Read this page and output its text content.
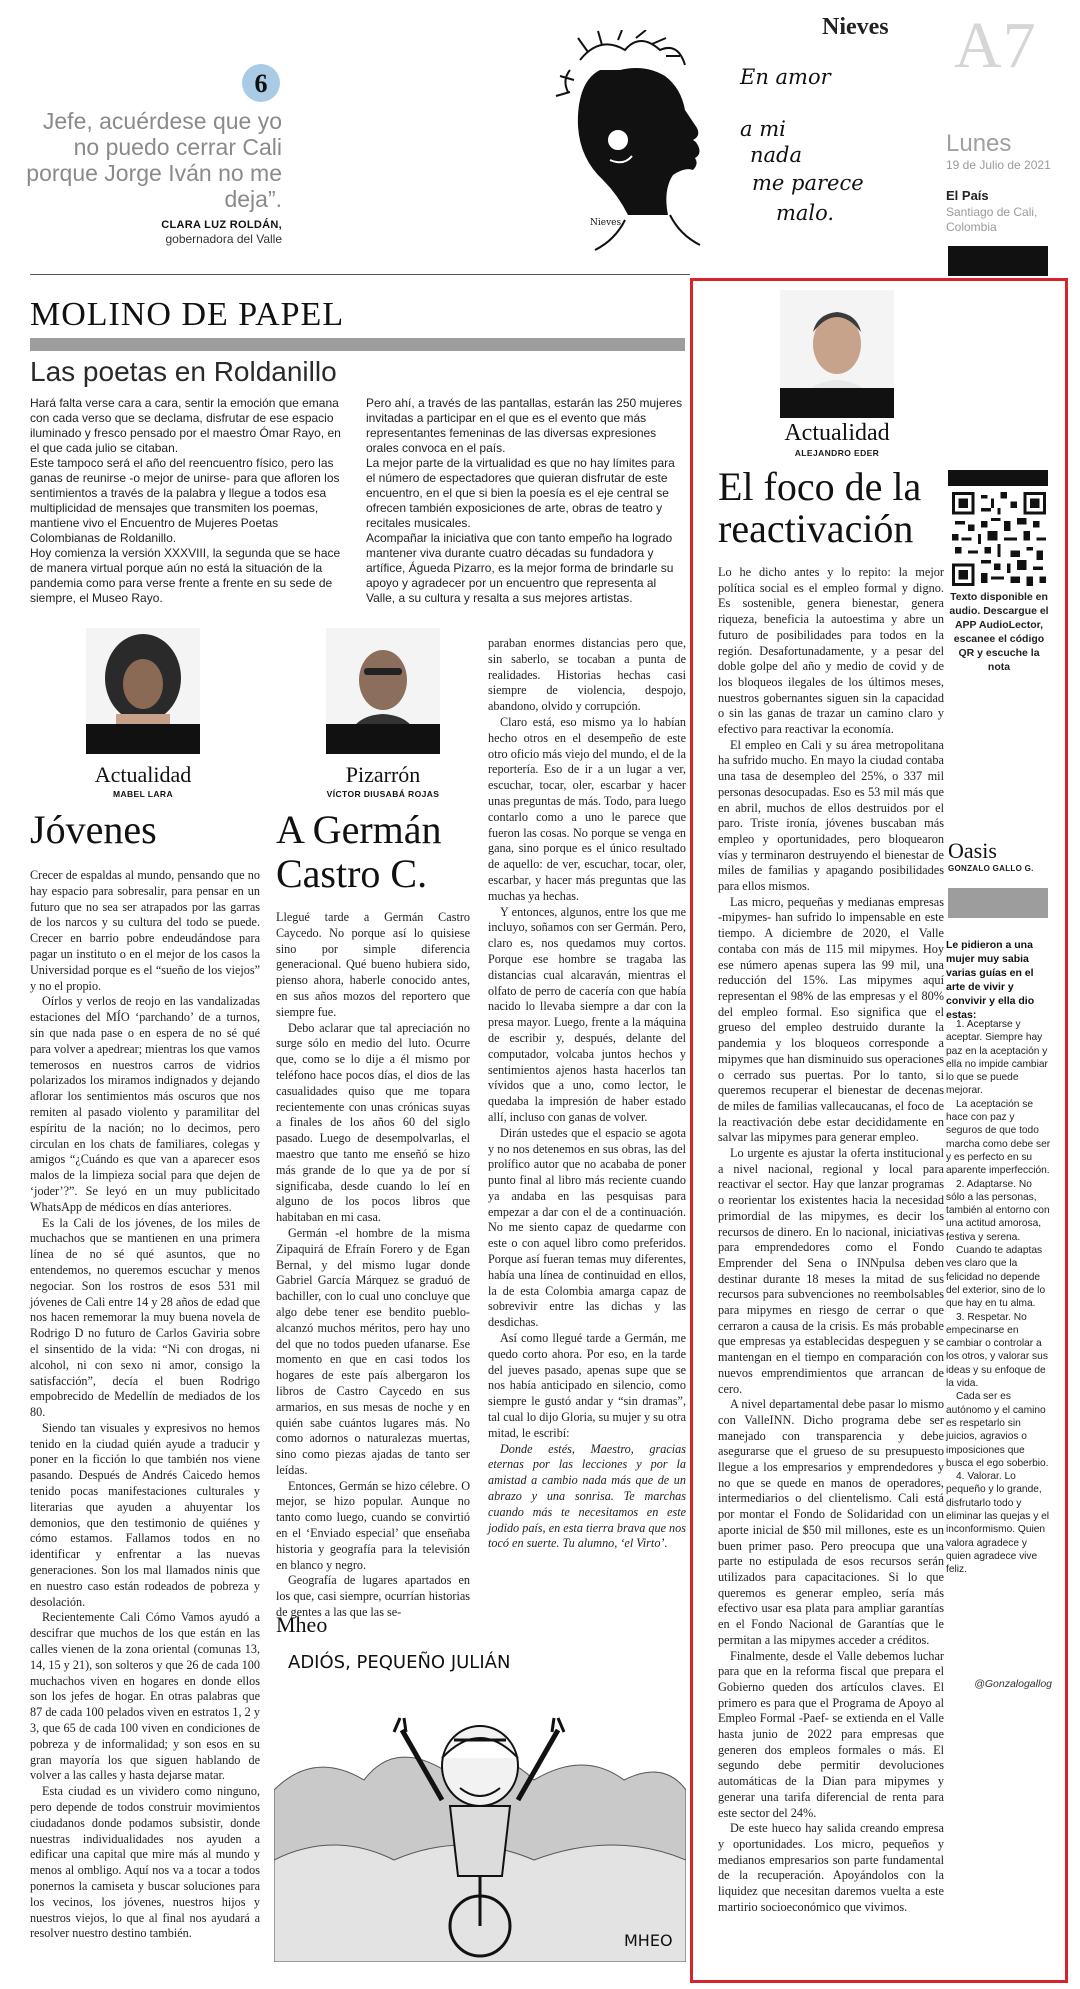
6
Jefe, acuérdese que yo no puedo cerrar Cali porque Jorge Iván no me deja”.
CLARA LUZ ROLDÁN,
gobernadora del Valle
Nieves
En amor
a mi
nada
me parece
malo.
Nieves A7
Lunes
19 de Julio de 2021
El País
Santiago de Cali, Colombia
MOLINO DE PAPEL
Las poetas en Roldanillo

Hará falta verse cara a cara, sentir la emoción que emana con cada verso que se declama, disfrutar de ese espacio iluminado y fresco pensado por el maestro Ómar Rayo, en el que cada julio se citaban.

Este tampoco será el año del reencuentro físico, pero las ganas de reunirse -o mejor de unirse- para que afloren los sentimientos a través de la palabra y llegue a todos esa multiplicidad de mensajes que transmiten los poemas, mantiene vivo el Encuentro de Mujeres Poetas Colombianas de Roldanillo.

Hoy comienza la versión XXXVIII, la segunda que se hace de manera virtual porque aún no está la situación de la pandemia como para verse frente a frente en su sede de siempre, el Museo Rayo.

Pero ahí, a través de las pantallas, estarán las 250 mujeres invitadas a participar en el que es el evento que más representantes femeninas de las diversas expresiones orales convoca en el país.

La mejor parte de la virtualidad es que no hay límites para el número de espectadores que quieran disfrutar de este encuentro, en el que si bien la poesía es el eje central se ofrecen también exposiciones de arte, obras de teatro y recitales musicales.

Acompañar la iniciativa que con tanto empeño ha logrado mantener viva durante cuatro décadas su fundadora y artífice, Águeda Pizarro, es la mejor forma de brindarle su apoyo y agradecer por un encuentro que representa al Valle, a su cultura y resalta a sus mejores artistas.

Actualidad
MABEL LARA
Jóvenes

Crecer de espaldas al mundo, pensando que no hay espacio para sobresalir, para pensar en un futuro que no sea ser atrapados por las garras de los narcos y su cultura del todo se puede. Crecer en barrio pobre endeudándose para pagar un instituto o en el mejor de los casos la Universidad porque es el “sueño de los viejos” y no el propio.

Oírlos y verlos de reojo en las vandalizadas estaciones del MÍO ‘parchando’ de a turnos, sin que nada pase o en espera de no sé qué para volver a apedrear; mientras los que vamos temerosos en nuestros carros de vidrios polarizados los miramos indignados y dejando aflorar los sentimientos más oscuros que nos remiten al pasado violento y paramilitar del espíritu de la nación; no lo decimos, pero circulan en los chats de familiares, colegas y amigos “¿Cuándo es que van a aparecer esos malos de la limpieza social para que dejen de ‘joder’?”. Se leyó en un muy publicitado WhatsApp de médicos en días anteriores.

Es la Cali de los jóvenes, de los miles de muchachos que se mantienen en una primera línea de no sé qué asuntos, que no entendemos, no queremos escuchar y menos negociar. Son los rostros de esos 531 mil jóvenes de Cali entre 14 y 28 años de edad que nos hacen rememorar la muy buena novela de Rodrigo D no futuro de Carlos Gaviria sobre el sinsentido de la vida: “Ni con drogas, ni alcohol, ni con sexo ni amor, consigo la satisfacción”, decía el buen Rodrigo empobrecido de Medellín de mediados de los 80.

Siendo tan visuales y expresivos no hemos tenido en la ciudad quién ayude a traducir y poner en la ficción lo que también nos viene pasando. Después de Andrés Caicedo hemos tenido pocas manifestaciones culturales y literarias que ayuden a ahuyentar los demonios, que den testimonio de quiénes y cómo estamos. Fallamos todos en no identificar y enfrentar a las nuevas generaciones. Son los mal llamados ninis que en nuestro caso están rodeados de pobreza y desolación.

Recientemente Cali Cómo Vamos ayudó a descifrar que muchos de los que están en las calles vienen de la zona oriental (comunas 13, 14, 15 y 21), son solteros y que 26 de cada 100 muchachos viven en hogares en donde ellos son los jefes de hogar. En otras palabras que 87 de cada 100 pelados viven en estratos 1, 2 y 3, que 65 de cada 100 viven en condiciones de pobreza y de informalidad; y son esos en su gran mayoría los que siguen hablando de volver a las calles y hasta dejarse matar.

Esta ciudad es un vividero como ninguno, pero depende de todos construir movimientos ciudadanos donde podamos subsistir, donde nuestras individualidades nos ayuden a edificar una capital que mire más al mundo y menos al ombligo. Aquí nos va a tocar a todos ponernos la camiseta y buscar soluciones para los vecinos, los jóvenes, nuestros hijos y nuestros viejos, lo que al final nos ayudará a resolver nuestro destino también.

Pizarrón
VÍCTOR DIUSABÁ ROJAS
A Germán Castro C.

Llegué tarde a Germán Castro Caycedo. No porque así lo quisiese sino por simple diferencia generacional. Qué bueno hubiera sido, pienso ahora, haberle conocido antes, en sus años mozos del reportero que siempre fue.

Debo aclarar que tal apreciación no surge sólo en medio del luto. Ocurre que, como se lo dije a él mismo por teléfono hace pocos días, el dios de las casualidades quiso que me topara recientemente con unas crónicas suyas a finales de los años 60 del siglo pasado. Luego de desempolvarlas, el maestro que tanto me enseñó se hizo más grande de lo que ya de por sí significaba, desde cuando lo leí en alguno de los pocos libros que habitaban en mi casa.

Germán -el hombre de la misma Zipaquirá de Efraín Forero y de Egan Bernal, y del mismo lugar donde Gabriel García Márquez se graduó de bachiller, con lo cual uno concluye que algo debe tener ese bendito pueblo- alcanzó muchos méritos, pero hay uno del que no todos pueden ufanarse. Ese momento en que en casi todos los hogares de este país albergaron los libros de Castro Caycedo en sus armarios, en sus mesas de noche y en quién sabe cuántos lugares más. No como adornos o naturalezas muertas, sino como piezas ajadas de tanto ser leídas.

Entonces, Germán se hizo célebre. O mejor, se hizo popular. Aunque no tanto como luego, cuando se convirtió en el ‘Enviado especial’ que enseñaba historia y geografía para la televisión en blanco y negro.

Geografía de lugares apartados en los que, casi siempre, ocurrían historias de gentes a las que las se-

paraban enormes distancias pero que, sin saberlo, se tocaban a punta de realidades. Historias hechas casi siempre de violencia, despojo, abandono, olvido y corrupción.

Claro está, eso mismo ya lo habían hecho otros en el desempeño de este otro oficio más viejo del mundo, el de la reportería. Eso de ir a un lugar a ver, escuchar, tocar, oler, escarbar y hacer unas preguntas de más. Todo, para luego contarlo como a uno le parece que fueron las cosas. No porque se venga en gana, sino porque es el único resultado de aquello: de ver, escuchar, tocar, oler, escarbar, y hacer más preguntas que las muchas ya hechas.

Y entonces, algunos, entre los que me incluyo, soñamos con ser Germán. Pero, claro es, nos quedamos muy cortos. Porque ese hombre se tragaba las distancias cual alcaraván, mientras el olfato de perro de cacería con que había nacido lo llevaba siempre a dar con la presa mayor. Luego, frente a la máquina de escribir y, después, delante del computador, volcaba juntos hechos y sentimientos ajenos hasta hacerlos tan vívidos que a uno, como lector, le quedaba la impresión de haber estado allí, incluso con ganas de volver.

Dirán ustedes que el espacio se agota y no nos detenemos en sus obras, las del prolífico autor que no acababa de poner punto final al libro más reciente cuando ya andaba en las pesquisas para empezar a dar con el de a continuación. No me siento capaz de quedarme con este o con aquel libro como preferidos. Porque así fueran temas muy diferentes, había una línea de continuidad en ellos, la de esta Colombia amarga capaz de sobrevivir entre las dichas y las desdichas.

Así como llegué tarde a Germán, me quedo corto ahora. Por eso, en la tarde del jueves pasado, apenas supe que se nos había anticipado en silencio, como siempre le gustó andar y “sin dramas”, tal cual lo dijo Gloria, su mujer y su otra mitad, le escribí:

Donde estés, Maestro, gracias eternas por las lecciones y por la amistad a cambio nada más que de un abrazo y una sonrisa. Te marchas cuando más te necesitamos en este jodido país, en esta tierra brava que nos tocó en suerte. Tu alumno, ‘el Virto’.

Mheo
ADIÓS, PEQUEÑO JULIÁN
MHEO
Actualidad
ALEJANDRO EDER
El foco de la reactivación

Lo he dicho antes y lo repito: la mejor política social es el empleo formal y digno. Es sostenible, genera bienestar, genera riqueza, beneficia la autoestima y abre un futuro de posibilidades para todos en la región. Desafortunadamente, y a pesar del doble golpe del año y medio de covid y de los bloqueos ilegales de los últimos meses, nuestros gobernantes siguen sin la capacidad o sin las ganas de trazar un camino claro y efectivo para reactivar la economía.

El empleo en Cali y su área metropolitana ha sufrido mucho. En mayo la ciudad contaba una tasa de desempleo del 25%, o 337 mil personas desocupadas. Eso es 53 mil más que en abril, muchos de ellos destruidos por el paro. Triste ironía, jóvenes buscaban más empleo y oportunidades, pero bloquearon vías y terminaron destruyendo el bienestar de miles de familias y apagando posibilidades para ellos mismos.

Las micro, pequeñas y medianas empresas -mipymes- han sufrido lo impensable en este tiempo. A diciembre de 2020, el Valle contaba con más de 115 mil mipymes. Hoy ese número apenas supera las 99 mil, una reducción del 15%. Las mipymes aquí representan el 98% de las empresas y el 80% del empleo formal. Eso significa que el grueso del empleo destruido durante la pandemia y los bloqueos corresponde a mipymes que han disminuido sus operaciones o cerrado sus puertas. Por lo tanto, si queremos recuperar el bienestar de decenas de miles de familias vallecaucanas, el foco de la reactivación debe estar decididamente en salvar las mipymes para generar empleo.

Lo urgente es ajustar la oferta institucional a nivel nacional, regional y local para reactivar el sector. Hay que lanzar programas o reorientar los existentes hacia la necesidad primordial de las mipymes, es decir los recursos de dinero. En lo nacional, iniciativas para emprendedores como el Fondo Emprender del Sena o INNpulsa deben destinar durante 18 meses la mitad de sus recursos para subvenciones no reembolsables para mipymes en riesgo de cerrar o que cerraron a causa de la crisis. Es más probable que empresas ya establecidas despeguen y se mantengan en el tiempo en comparación con nuevos emprendimientos que arrancan de cero.

A nivel departamental debe pasar lo mismo con ValleINN. Dicho programa debe ser manejado con transparencia y debe asegurarse que el grueso de su presupuesto llegue a los empresarios y emprendedores y no que se quede en manos de operadores, intermediarios o del clientelismo. Cali está por montar el Fondo de Solidaridad con un aporte inicial de $50 mil millones, este es un buen primer paso. Pero preocupa que una parte no estipulada de esos recursos serán utilizados para capacitaciones. Si lo que queremos es generar empleo, sería más efectivo usar esa plata para ampliar garantías en el Fondo Nacional de Garantías que le permitan a las mipymes acceder a créditos.

Finalmente, desde el Valle debemos luchar para que en la reforma fiscal que prepara el Gobierno queden dos artículos claves. El primero es para que el Programa de Apoyo al Empleo Formal -Paef- se extienda en el Valle hasta junio de 2022 para empresas que generen dos empleos formales o más. El segundo debe permitir devoluciones automáticas de la Dian para mipymes y generar una tarifa diferencial de renta para este sector del 24%.

De este hueco hay salida creando empresa y oportunidades. Los micro, pequeños y medianos empresarios son parte fundamental de la recuperación. Apoyándolos con la liquidez que necesitan daremos vuelta a este martirio socioeconómico que vivimos.

Texto disponible en audio. Descargue el APP AudioLector, escanee el código QR y escuche la nota
Oasis
GONZALO GALLO G.
Le pidieron a una mujer muy sabia varias guías en el arte de vivir y convivir y ella dio estas:

1. Aceptarse y aceptar. Siempre hay paz en la aceptación y ella no impide cambiar lo que se puede mejorar.

La aceptación se hace con paz y seguros de que todo marcha como debe ser y es perfecto en su aparente imperfección.

2. Adaptarse. No sólo a las personas, también al entorno con una actitud amorosa, festiva y serena.

Cuando te adaptas ves claro que la felicidad no depende del exterior, sino de lo que hay en tu alma.

3. Respetar. No empecinarse en cambiar o controlar a los otros, y valorar sus ideas y su enfoque de la vida.

Cada ser es autónomo y el camino es respetarlo sin juicios, agravios o imposiciones que busca el ego soberbio.

4. Valorar. Lo pequeño y lo grande, disfrutarlo todo y eliminar las quejas y el inconformismo. Quien valora agradece y quien agradece vive feliz.

@Gonzalogallog
